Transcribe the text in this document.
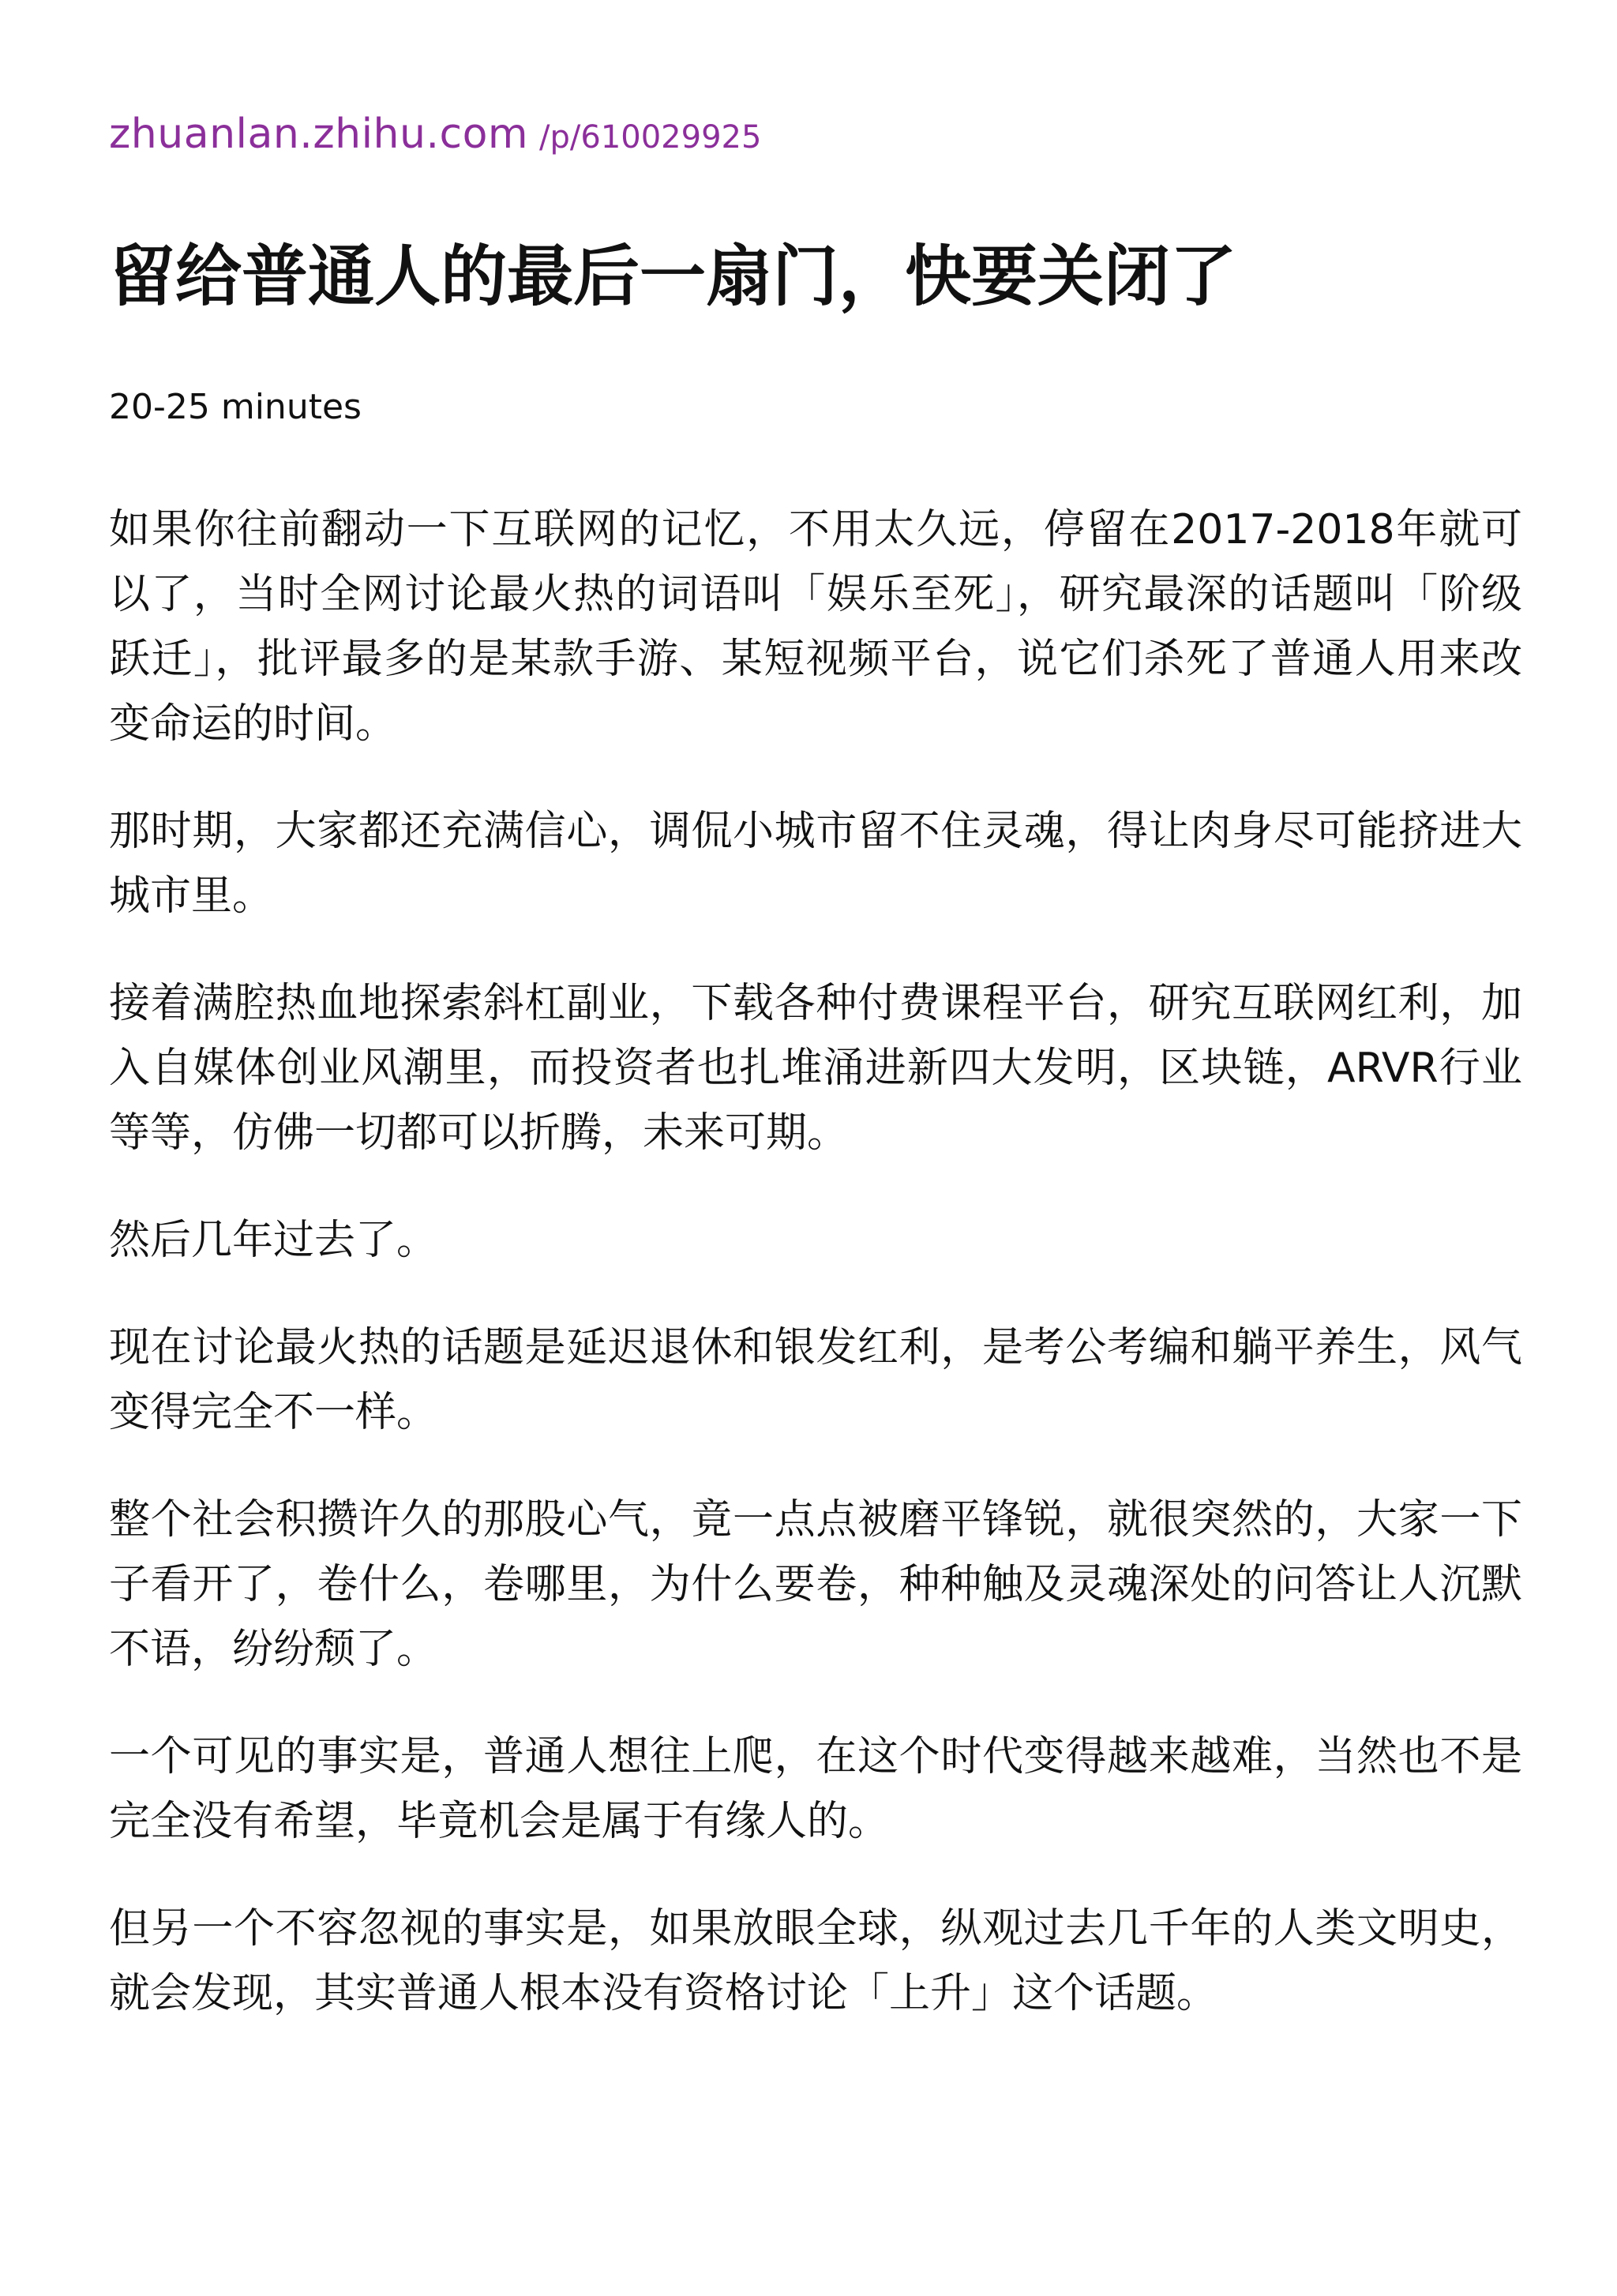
zhuanlan.zhihu.com /p/610029925
留给普通人的最后一扇门，快要关闭了
20-25 minutes

如果你往前翻动一下互联网的记忆，不用太久远，停留在2017-2018年就可以了，当时全网讨论最火热的词语叫「娱乐至死」，研究最深的话题叫「阶级跃迁」，批评最多的是某款手游、某短视频平台，说它们杀死了普通人用来改变命运的时间。

那时期，大家都还充满信心，调侃小城市留不住灵魂，得让肉身尽可能挤进大城市里。

接着满腔热血地探索斜杠副业，下载各种付费课程平台，研究互联网红利，加入自媒体创业风潮里，而投资者也扎堆涌进新四大发明，区块链，ARVR行业等等，仿佛一切都可以折腾，未来可期。

然后几年过去了。

现在讨论最火热的话题是延迟退休和银发红利，是考公考编和躺平养生，风气变得完全不一样。

整个社会积攒许久的那股心气，竟一点点被磨平锋锐，就很突然的，大家一下子看开了，卷什么，卷哪里，为什么要卷，种种触及灵魂深处的问答让人沉默不语，纷纷颓了。

一个可见的事实是，普通人想往上爬，在这个时代变得越来越难，当然也不是完全没有希望，毕竟机会是属于有缘人的。

但另一个不容忽视的事实是，如果放眼全球，纵观过去几千年的人类文明史，就会发现，其实普通人根本没有资格讨论「上升」这个话题。
